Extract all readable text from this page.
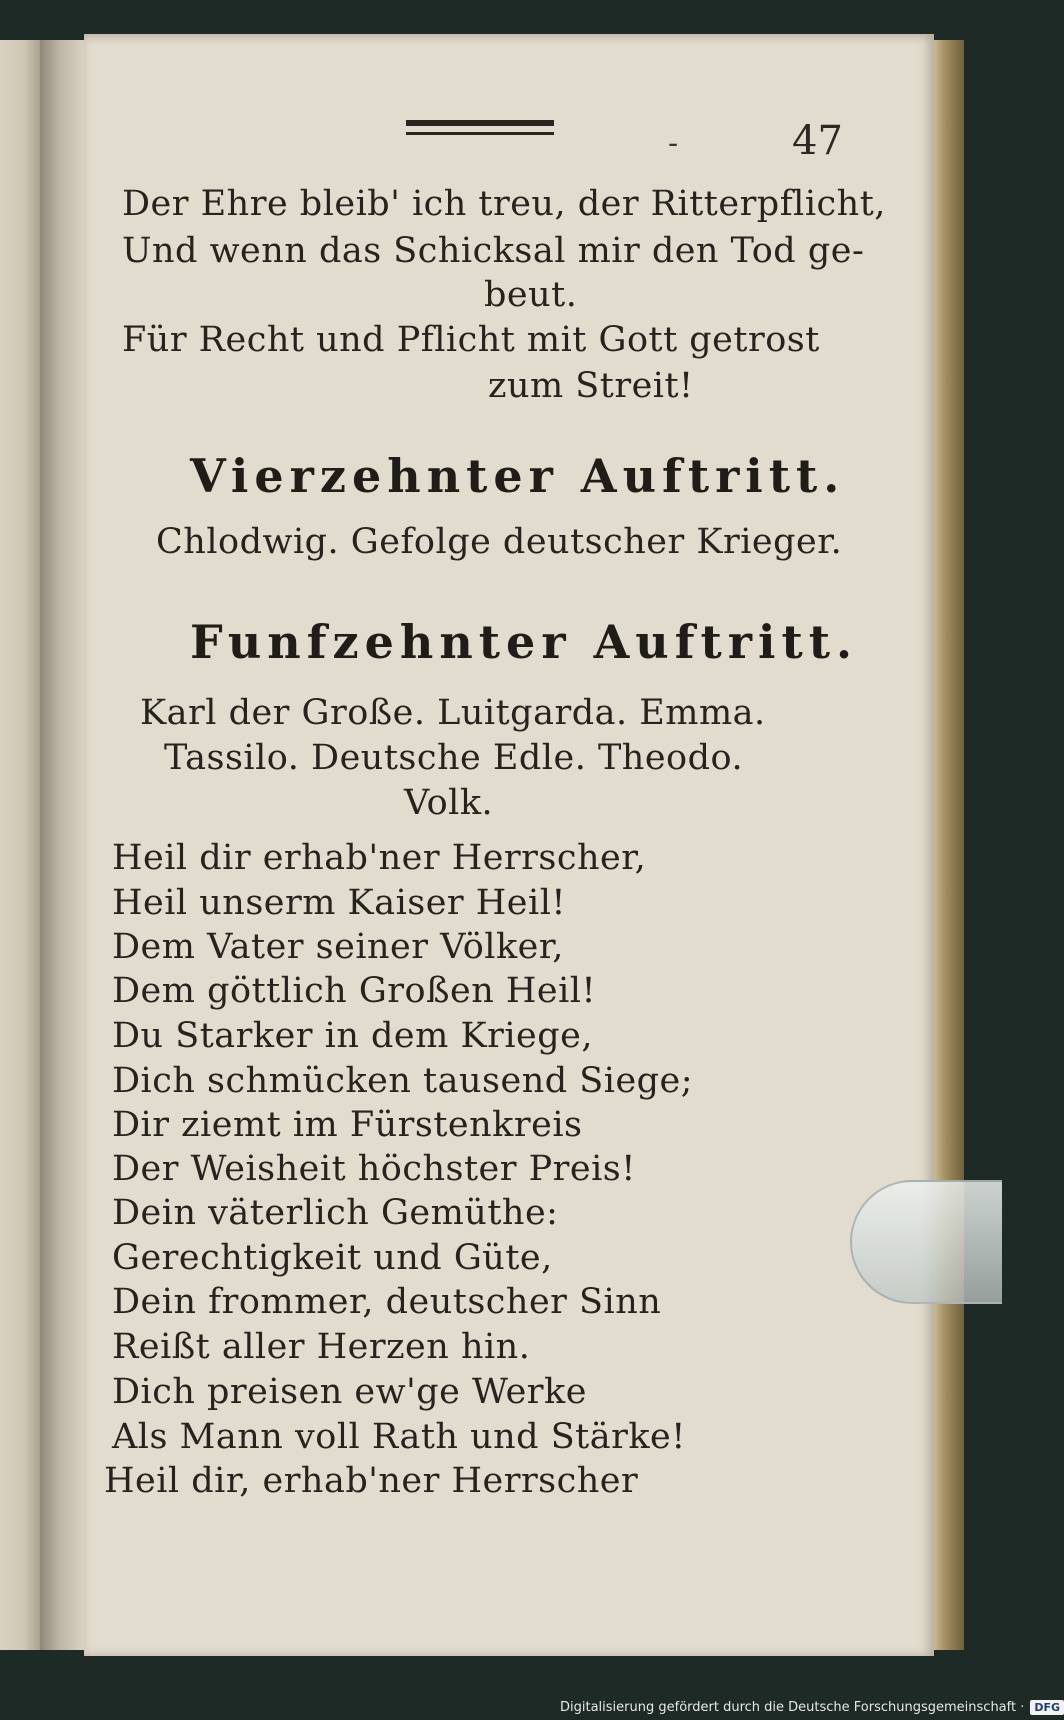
-	47
Der Ehre bleib' ich treu, der Ritterpflicht,
Und wenn das Schicksal mir den Tod ge-
beut.
Für Recht und Pflicht mit Gott getrost
zum Streit!
Vierzehnter Auftritt.
Chlodwig. Gefolge deutscher Krieger.
Funfzehnter Auftritt.
Karl der Große. Luitgarda. Emma.
Tassilo. Deutsche Edle. Theodo.
Volk.
Heil dir erhab'ner Herrscher,
Heil unserm Kaiser Heil!
Dem Vater seiner Völker,
Dem göttlich Großen Heil!
Du Starker in dem Kriege,
Dich schmücken tausend Siege;
Dir ziemt im Fürstenkreis
Der Weisheit höchster Preis!
Dein väterlich Gemüthe:
Gerechtigkeit und Güte,
Dein frommer, deutscher Sinn
Reißt aller Herzen hin.
Dich preisen ew'ge Werke
Als Mann voll Rath und Stärke!
Heil dir, erhab'ner Herrscher
Digitalisierung gefördert durch die Deutsche Forschungsgemeinschaft · DFG
